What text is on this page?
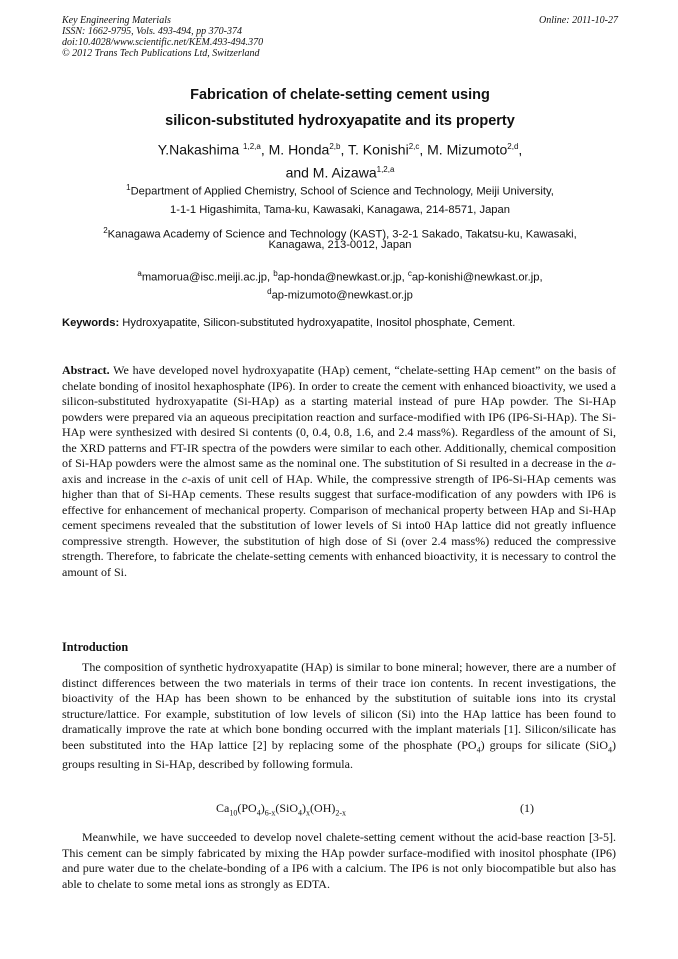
Key Engineering Materials
ISSN: 1662-9795, Vols. 493-494, pp 370-374
doi:10.4028/www.scientific.net/KEM.493-494.370
© 2012 Trans Tech Publications Ltd, Switzerland
Online: 2011-10-27
Fabrication of chelate-setting cement using
silicon-substituted hydroxyapatite and its property
Y.Nakashima $^{1,2,a}$, M. Honda$^{2,b}$, T. Konishi$^{2,c}$, M. Mizumoto$^{2,d}$,
and M. Aizawa$^{1,2,a}$
$^1$Department of Applied Chemistry, School of Science and Technology, Meiji University,
1-1-1 Higashimita, Tama-ku, Kawasaki, Kanagawa, 214-8571, Japan
$^2$Kanagawa Academy of Science and Technology (KAST), 3-2-1 Sakado, Takatsu-ku, Kawasaki,
Kanagawa, 213-0012, Japan
$^a$mamorua@isc.meiji.ac.jp, $^b$ap-honda@newkast.or.jp, $^c$ap-konishi@newkast.or.jp,
$^d$ap-mizumoto@newkast.or.jp
Keywords: Hydroxyapatite, Silicon-substituted hydroxyapatite, Inositol phosphate, Cement.
Abstract. We have developed novel hydroxyapatite (HAp) cement, “chelate-setting HAp cement” on the basis of chelate bonding of inositol hexaphosphate (IP6). In order to create the cement with enhanced bioactivity, we used a silicon-substituted hydroxyapatite (Si-HAp) as a starting material instead of pure HAp powder. The Si-HAp powders were prepared via an aqueous precipitation reaction and surface-modified with IP6 (IP6-Si-HAp). The Si-HAp were synthesized with desired Si contents (0, 0.4, 0.8, 1.6, and 2.4 mass%). Regardless of the amount of Si, the XRD patterns and FT-IR spectra of the powders were similar to each other. Additionally, chemical composition of Si-HAp powders were the almost same as the nominal one. The substitution of Si resulted in a decrease in the a-axis and increase in the c-axis of unit cell of HAp. While, the compressive strength of IP6-Si-HAp cements was higher than that of Si-HAp cements. These results suggest that surface-modification of any powders with IP6 is effective for enhancement of mechanical property. Comparison of mechanical property between HAp and Si-HAp cement specimens revealed that the substitution of lower levels of Si into0 HAp lattice did not greatly influence compressive strength. However, the substitution of high dose of Si (over 2.4 mass%) reduced the compressive strength. Therefore, to fabricate the chelate-setting cements with enhanced bioactivity, it is necessary to control the amount of Si.
Introduction
The composition of synthetic hydroxyapatite (HAp) is similar to bone mineral; however, there are a number of distinct differences between the two materials in terms of their trace ion contents. In recent investigations, the bioactivity of the HAp has been shown to be enhanced by the substitution of suitable ions into its crystal structure/lattice. For example, substitution of low levels of silicon (Si) into the HAp lattice has been found to dramatically improve the rate at which bone bonding occurred with the implant materials [1]. Silicon/silicate has been substituted into the HAp lattice [2] by replacing some of the phosphate $(PO_4)$ groups for silicate (SiO$_4$) groups resulting in Si-HAp, described by following formula.
$Ca_{10}(PO_4)_{6-x}(SiO_4)_x(OH)_{2-x}$	(1)
Meanwhile, we have succeeded to develop novel chalete-setting cement without the acid-base reaction [3-5]. This cement can be simply fabricated by mixing the HAp powder surface-modified with inositol phosphate (IP6) and pure water due to the chelate-bonding of a IP6 with a calcium. The IP6 is not only biocompatible but also has able to chelate to some metal ions as strongly as EDTA.
